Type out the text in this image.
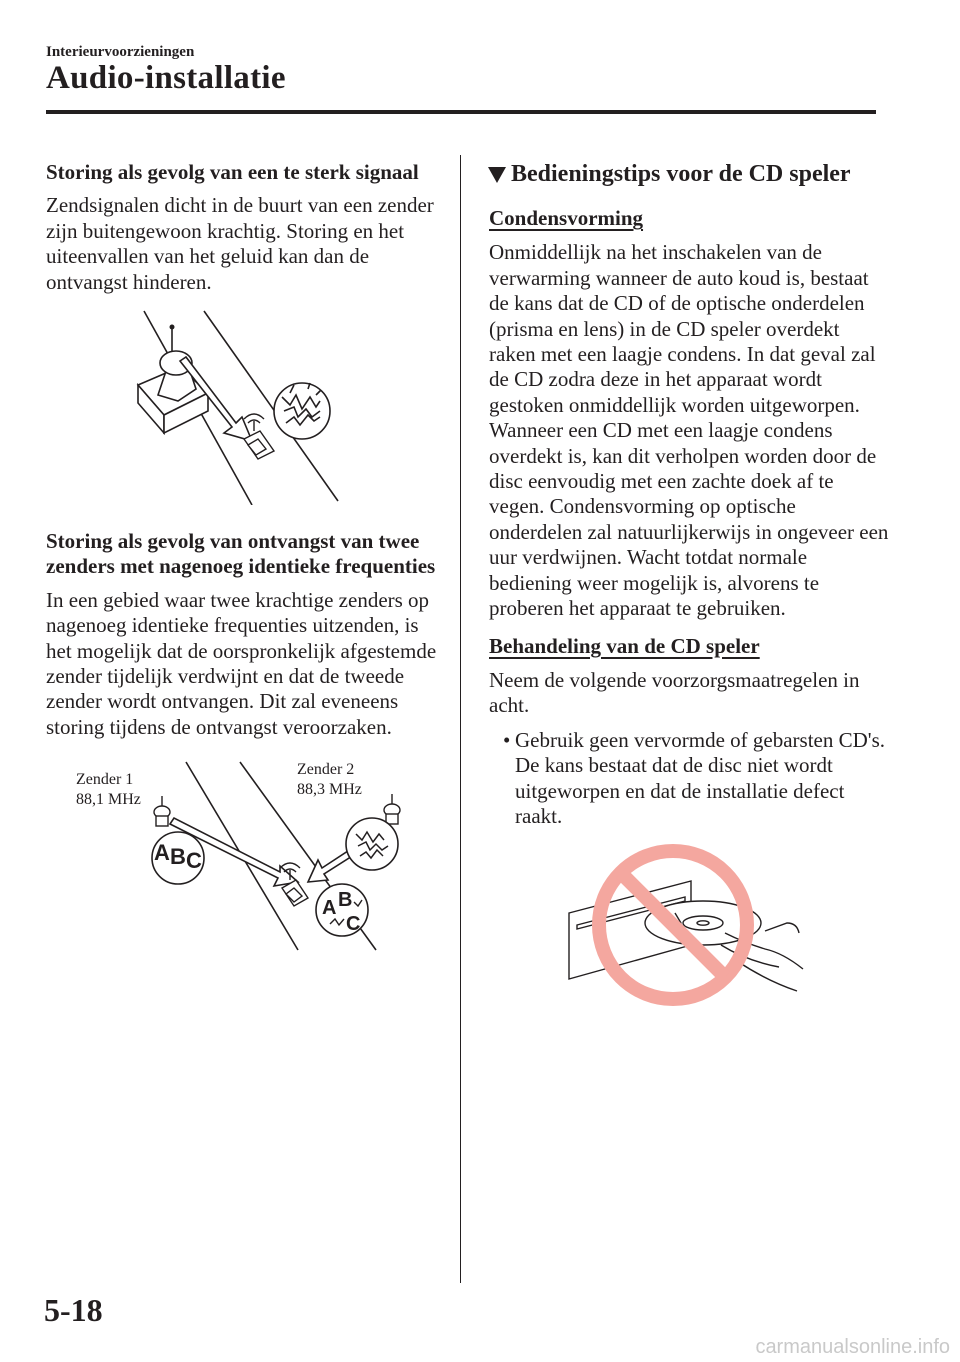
Interieurvoorzieningen
Audio-installatie

Storing als gevolg van een te sterk signaal

Zendsignalen dicht in de buurt van een zender zijn buitengewoon krachtig. Storing en het uiteenvallen van het geluid kan dan de ontvangst hinderen.

Storing als gevolg van ontvangst van twee zenders met nagenoeg identieke frequenties

In een gebied waar twee krachtige zenders op nagenoeg identieke frequenties uitzenden, is het mogelijk dat de oorspronkelijk afgestemde zender tijdelijk verdwijnt en dat de tweede zender wordt ontvangen. Dit zal eveneens storing tijdens de ontvangst veroorzaken.

Zender 1
88,1 MHz
Zender 2
88,3 MHz
A B C
A B
C
Bedieningstips voor de CD speler

Condensvorming

Onmiddellijk na het inschakelen van de verwarming wanneer de auto koud is, bestaat de kans dat de CD of de optische onderdelen (prisma en lens) in de CD speler overdekt raken met een laagje condens. In dat geval zal de CD zodra deze in het apparaat wordt gestoken onmiddellijk worden uitgeworpen. Wanneer een CD met een laagje condens overdekt is, kan dit verholpen worden door de disc eenvoudig met een zachte doek af te vegen. Condensvorming op optische onderdelen zal natuurlijkerwijs in ongeveer een uur verdwijnen. Wacht totdat normale bediening weer mogelijk is, alvorens te proberen het apparaat te gebruiken.

Behandeling van de CD speler

Neem de volgende voorzorgsmaatregelen in acht.

• Gebruik geen vervormde of gebarsten CD's. De kans bestaat dat de disc niet wordt uitgeworpen en dat de installatie defect raakt.
5-18
carmanualsonline.info
